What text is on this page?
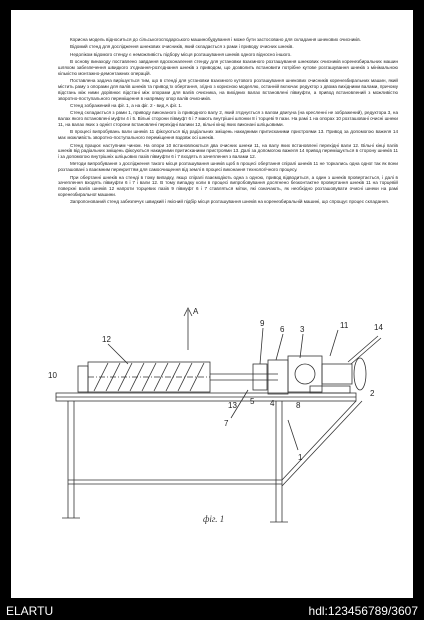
Корисна модель відноситься до сільськогосподарського машинобудування і може бути застосовано для складання шнекових очисників.

Відомий стенд для дослідження шнекових очисників, який складається з рами і приводу очисних шнеків.

Недоліком відомого стенду є неможливість підбору місця розташування шнеків одного відносно іншого.

В основу винаходу поставлено завдання вдосконалення стенду для установки взаємного розташування шнекових очисників коренезбиральних машин шляхом забезпечення швидкого з'єднання-роз'єднання шнеків з приводом, що дозволить встановити потрібне кутове розташування шнеків з мінімальною кількістю монтажно-демонтажних операцій.

Поставлена задача вирішується тим, що в стенді для установки взаємного кутового розташування шнекових очисників коренезбиральних машин, який містить раму з опорами для валів шнеків та привод їх обертання, згідно з корисною моделлю, останній включає редуктор з двома вихідними валами, причому відстань між ними дорівнює відстані між опорами для валів очисника, на вихідних валах встановлені півмуфти, а привод встановлений з можливістю зворотно-поступального переміщення в напрямку опор валів очисників.

Стенд зображений на фіг. 1, а на фіг. 2 - вид А фіг. 1.

Стенд складається з рами 1, приводу виконаного із приводного валу 2, який з'єднується з валом двигуна (на кресленні не зображений), редуктора 3, на валах якого встановлені муфти 4 і 5. Вільні сторони півмуфт 6 і 7 мають внутрішні шпонки 8 і торцеві 9 пази. На рамі 1 на опорах 10 розташовані очисні шнеки 11, на валах яких з однієї сторони встановлені перехідні валики 12, вільні кінці яких виконані шліцьовими.

В процесі випробувань вали шнеків 11 фіксуються від радіальних зміщень накидними притисканими пристроями 13. Привод за допомогою важеля 14 має можливість зворотно-поступального переміщення вздовж осі шнеків.

Стенд працює наступним чином. На опори 10 встановлюються два очисних шнеки 11, на валу яких встановлені перехідні вали 12. Вільні кінці палів шнеків від радіальних зміщень фіксуються накидними притисканими пристроями 13. Далі за допомогою важеля 14 привод переміщується в сторону шнеків 11 і за допомогою внутрішніх шліцьових пазів півмуфти 6 і 7 входять в зачеплення з валами 12.

Методи випробування з дослідження такого місця розташування шнеків щоб в процесі обертання спіралі шнеків 11 не торкались одна одної так як вони розташовані з взаємним перекриттям для самоочищення від землі в процесі виконання технологічного процесу.

При обертанні шнеків на стенді в тому випадку, якщо спіралі взаємодіють одна з одною, привод відводиться, а один з шнеків провертається, і далі в зачеплення входять півмуфти 6 і 7 і вали 12. В тому випадку коли в процесі випробовування досягнено безконтактне провертання шнеків 11 на торцевій поверхні валів шнеків 12 напроти торцевих пазів 9 півмуфт 6 і 7 ставляться мітки, які означають, як необхідно розташовувати очисні шнеки на рамі коренезбиральної машини.

Запропонований стенд забезпечує швидкий і якісний підбір місця розташування шнеків на коренезбиральній машині, що спрощує процес складання.

A
12
9
6 3	11	14
8
5 4
10
2
13
7
1
фіг. 1
ELARTU	hdl:123456789/3607
